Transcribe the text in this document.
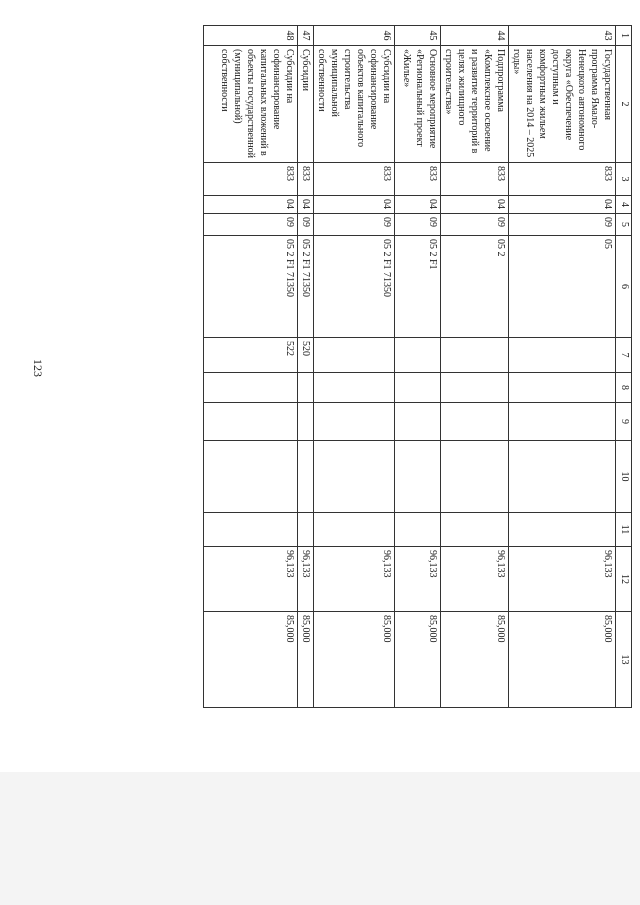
123
1	2	3	4	5	6	7	8	9	10	11	12	13
43	Государственная программа Ямало-Ненецкого автономного округа «Обеспечение доступным и комфортным жильем населения на 2014 – 2025 годы»	833	04	09	05						96,133	85,000
44	Подпрограмма «Комплексное освоение и развитие территорий в целях жилищного строительства»	833	04	09	05 2						96,133	85,000
45	Основное мероприятие «Региональный проект «Жилье»	833	04	09	05 2 F1						96,133	85,000
46	Субсидии на софинансирование объектов капитального строительства муниципальной собственности	833	04	09	05 2 F1 71350						96,133	85,000
47	Субсидии	833	04	09	05 2 F1 71350	520					96,133	85,000
48	Субсидии на софинансирование капитальных вложений в объекты государственной (муниципальной) собственности	833	04	09	05 2 F1 71350	522					96,133	85,000
